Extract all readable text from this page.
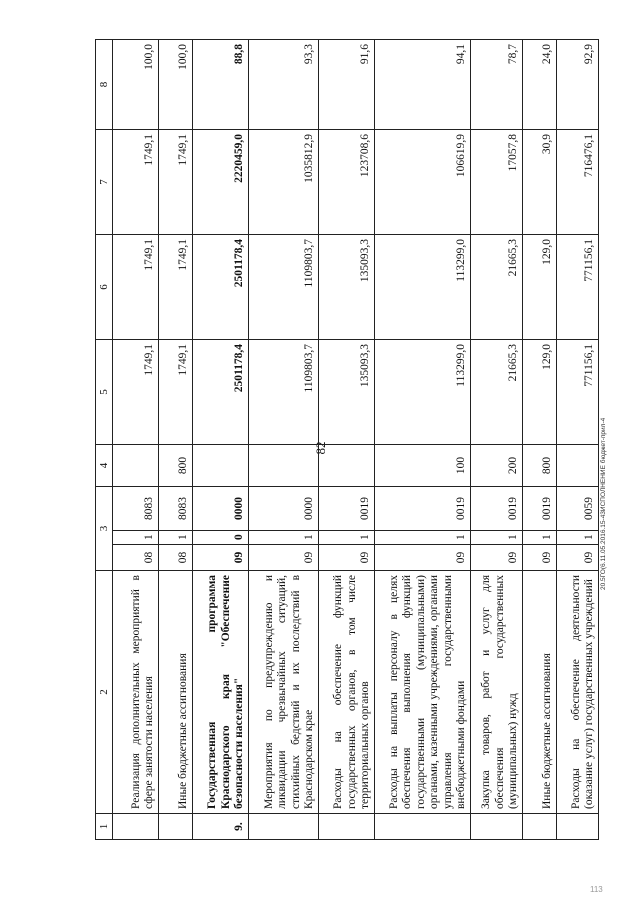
82
1	2	3			4	5	6	7	8
	Реализация дополнительных мероприятий в сфере занятости населения	08	1	8083		1749,1	1749,1	1749,1	100,0
	Иные бюджетные ассигнования	08	1	8083	800	1749,1	1749,1	1749,1	100,0
9.	Государственная программа Краснодарского края "Обеспечение безопасности населения"	09	0	0000		2501178,4	2501178,4	2220459,0	88,8
	Мероприятия по предупреждению и ликвидации чрезвычайных ситуаций, стихийных бедствий и их последствий в Краснодарском крае	09	1	0000		1109803,7	1109803,7	1035812,9	93,3
	Расходы на обеспечение функций государственных органов, в том числе территориальных органов	09	1	0019		135093,3	135093,3	123708,6	91,6
	Расходы на выплаты персоналу в целях обеспечения выполнения функций государственными (муниципальными) органами, казенными учреждениями, органами управления государственными внебюджетными фондами	09	1	0019	100	113299,0	113299,0	106619,9	94,1
	Закупка товаров, работ и услуг для обеспечения государственных (муниципальных) нужд	09	1	0019	200	21665,3	21665,3	17057,8	78,7
	Иные бюджетные ассигнования	09	1	0019	800	129,0	129,0	30,9	24,0
	Расходы на обеспечение деятельности (оказание услуг) государственных учреждений	09	1	0059		771156,1	771156,1	716476,1	92,9
20.5ГО(6.11.05.2016.15-43ИСПОЛНЕНИЕ бюджет-прил-4
113
